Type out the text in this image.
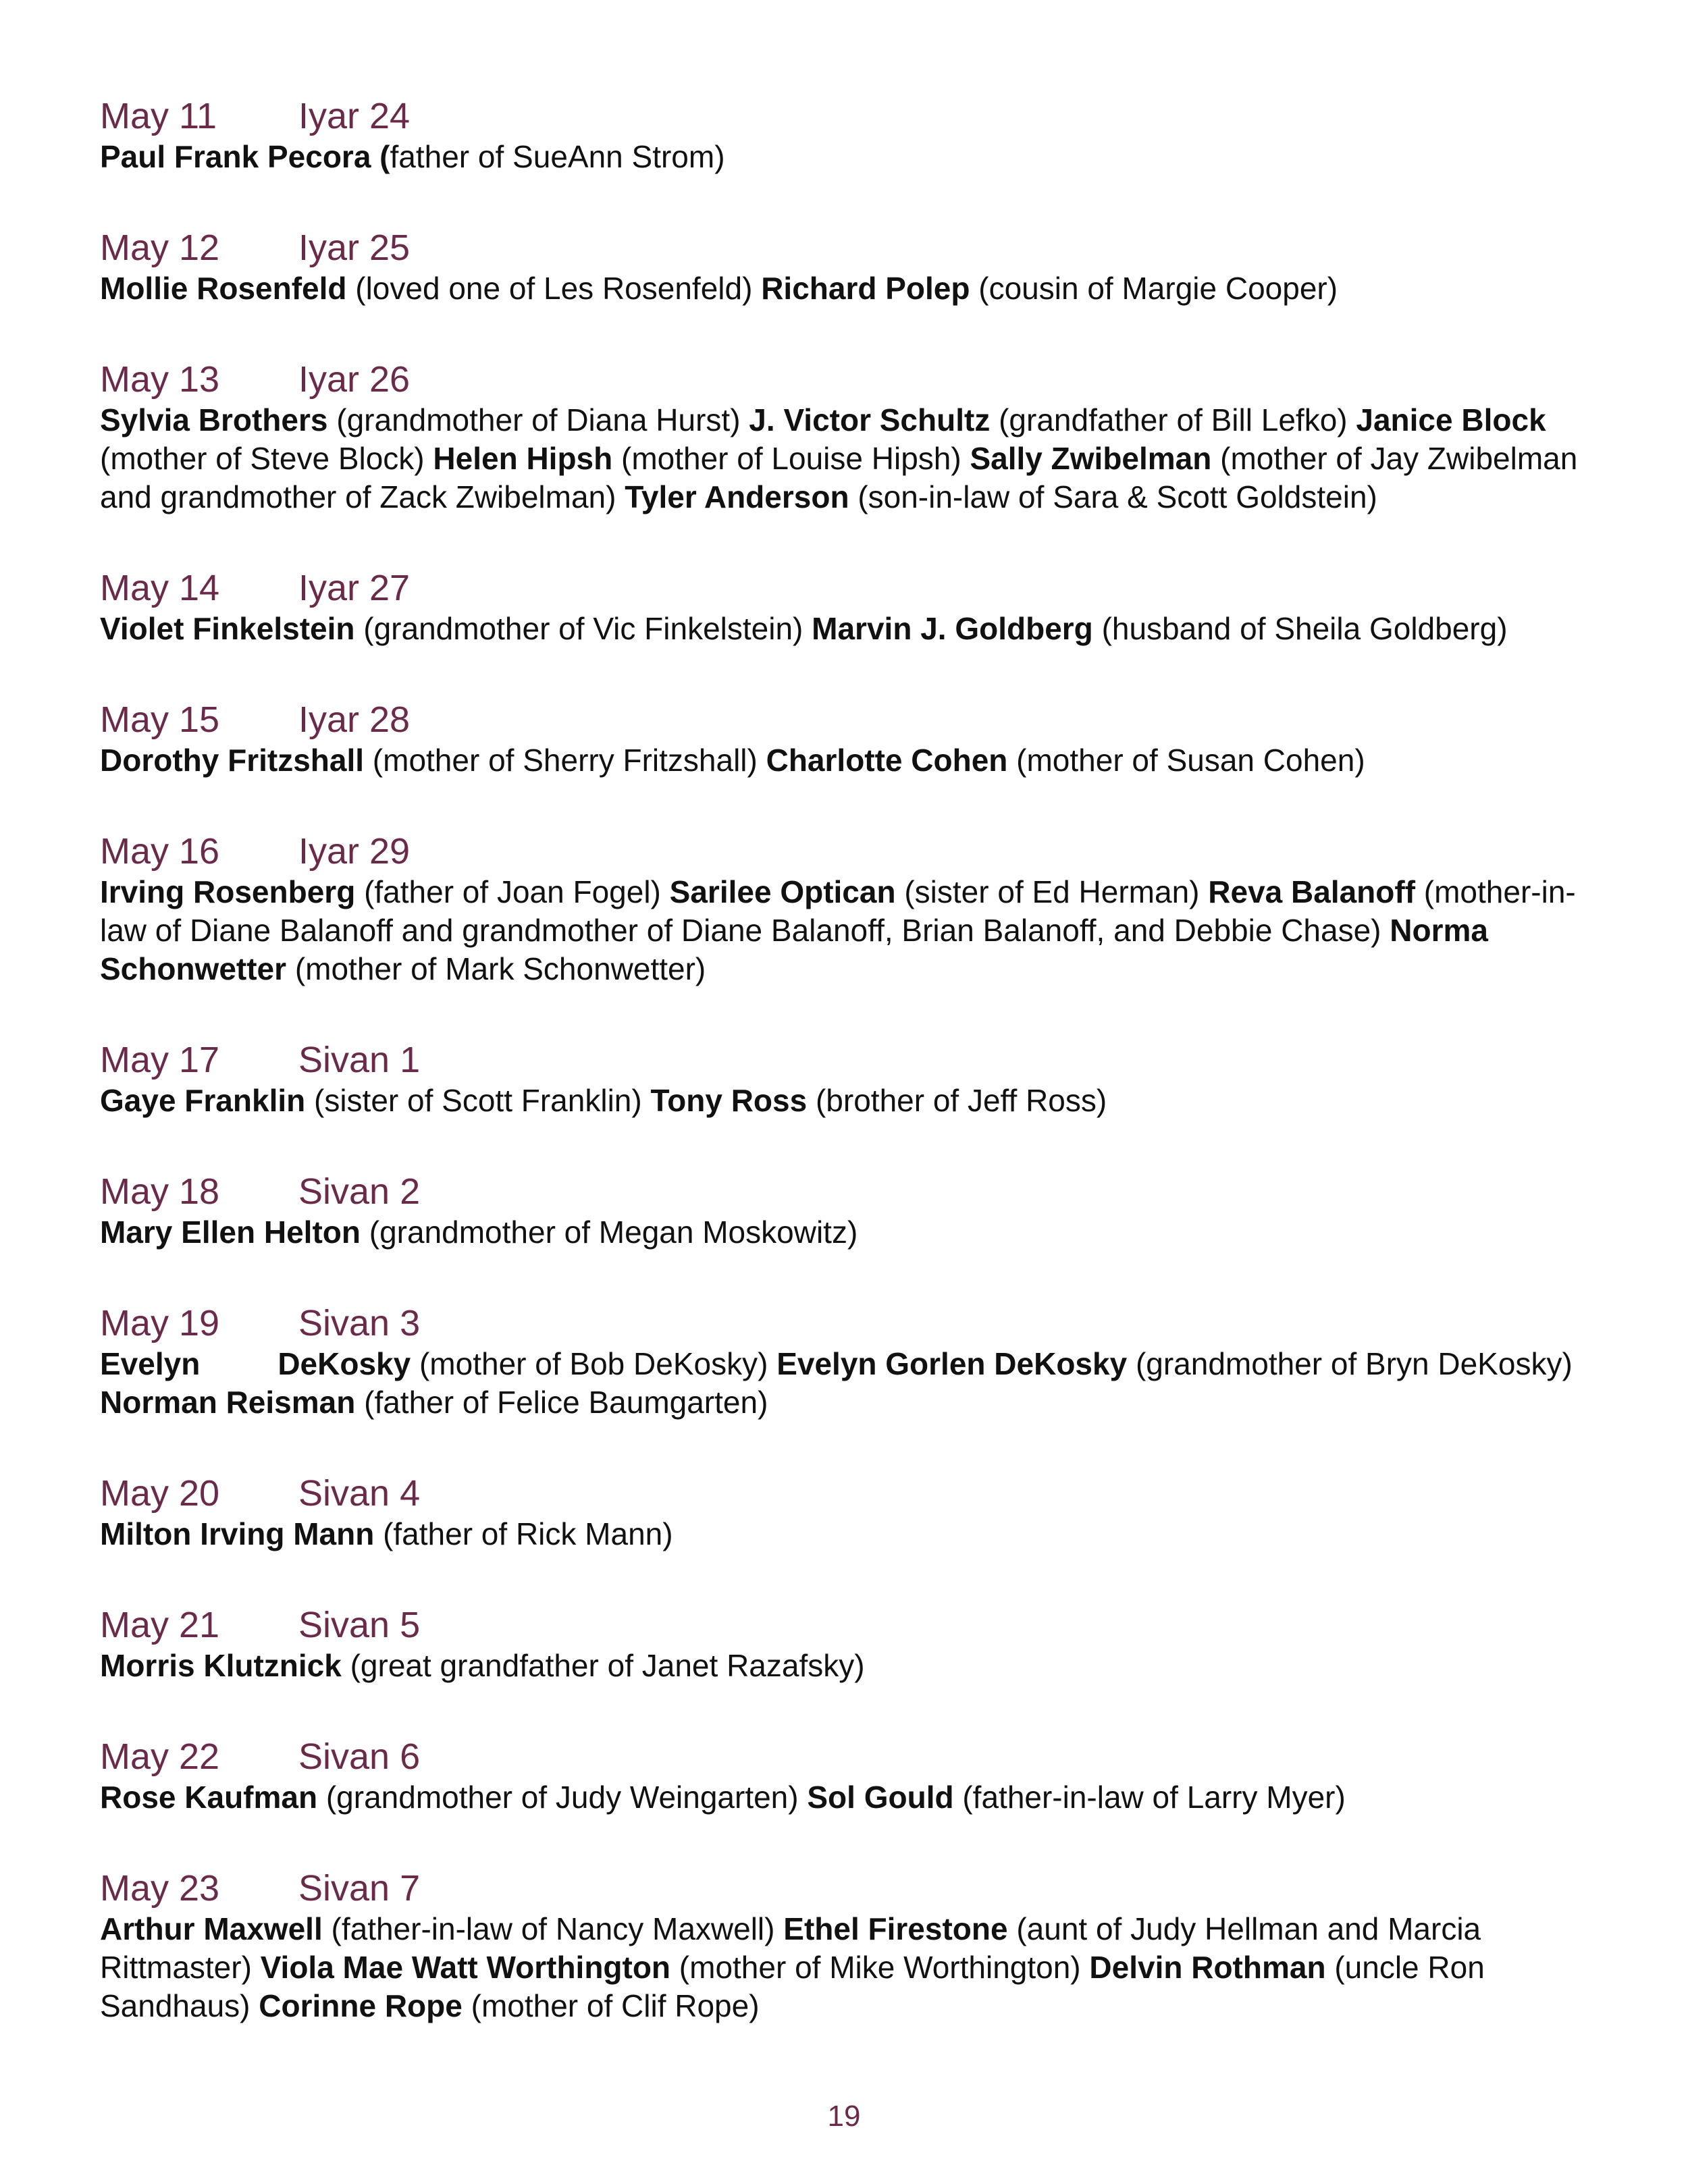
May 11 Iyar 24
Paul Frank Pecora (father of SueAnn Strom)
May 12 Iyar 25
Mollie Rosenfeld (loved one of Les Rosenfeld) Richard Polep (cousin of Margie Cooper)
May 13 Iyar 26
Sylvia Brothers (grandmother of Diana Hurst) J. Victor Schultz (grandfather of Bill Lefko) Janice Block (mother of Steve Block) Helen Hipsh (mother of Louise Hipsh) Sally Zwibelman (mother of Jay Zwibelman and grandmother of Zack Zwibelman) Tyler Anderson (son-in-law of Sara & Scott Goldstein)
May 14 Iyar 27
Violet Finkelstein (grandmother of Vic Finkelstein) Marvin J. Goldberg (husband of Sheila Goldberg)
May 15 Iyar 28
Dorothy Fritzshall (mother of Sherry Fritzshall) Charlotte Cohen (mother of Susan Cohen)
May 16 Iyar 29
Irving Rosenberg (father of Joan Fogel) Sarilee Optican (sister of Ed Herman) Reva Balanoff (mother-in-law of Diane Balanoff and grandmother of Diane Balanoff, Brian Balanoff, and Debbie Chase) Norma Schonwetter (mother of Mark Schonwetter)
May 17 Sivan 1
Gaye Franklin (sister of Scott Franklin) Tony Ross (brother of Jeff Ross)
May 18 Sivan 2
Mary Ellen Helton (grandmother of Megan Moskowitz)
May 19 Sivan 3
Evelyn         DeKosky (mother of Bob DeKosky) Evelyn Gorlen DeKosky (grandmother of Bryn DeKosky) Norman Reisman (father of Felice Baumgarten)
May 20 Sivan 4
Milton Irving Mann (father of Rick Mann)
May 21 Sivan 5
Morris Klutznick (great grandfather of Janet Razafsky)
May 22 Sivan 6
Rose Kaufman (grandmother of Judy Weingarten) Sol Gould (father-in-law of Larry Myer)
May 23 Sivan 7
Arthur Maxwell (father-in-law of Nancy Maxwell) Ethel Firestone (aunt of Judy Hellman and Marcia Rittmaster) Viola Mae Watt Worthington (mother of Mike Worthington) Delvin Rothman (uncle Ron Sandhaus) Corinne Rope (mother of Clif Rope)
19
